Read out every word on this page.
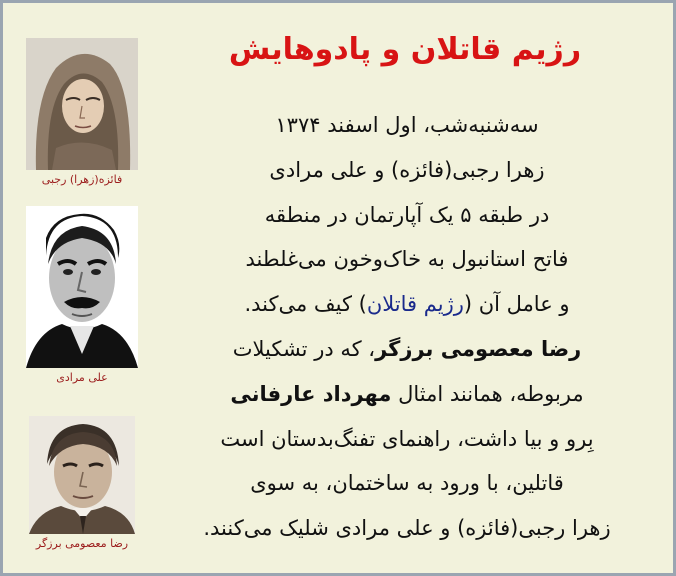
فائزه(زهرا) رجبی
علی مرادی
رضا معصومی برزگر
رژیم قاتلان و پادوهایش
سه‌شنبه‌شب، اول اسفند ۱۳۷۴
زهرا رجبی(فائزه) و علی مرادی
در طبقه ۵ یک آپارتمان در منطقه
فاتح استانبول به خاک‌وخون می‌غلطند
و عامل آن (رژیم قاتلان) کیف می‌کند.
رضا معصومی برزگر، که در تشکیلات
مربوطه، همانند امثال مهرداد عارفانی
بِرو و بیا داشت، راهنمای تفنگ‌بدستان است
قاتلین، با ورود به ساختمان، به سوی
زهرا رجبی(فائزه) و علی مرادی شلیک می‌کنند.
